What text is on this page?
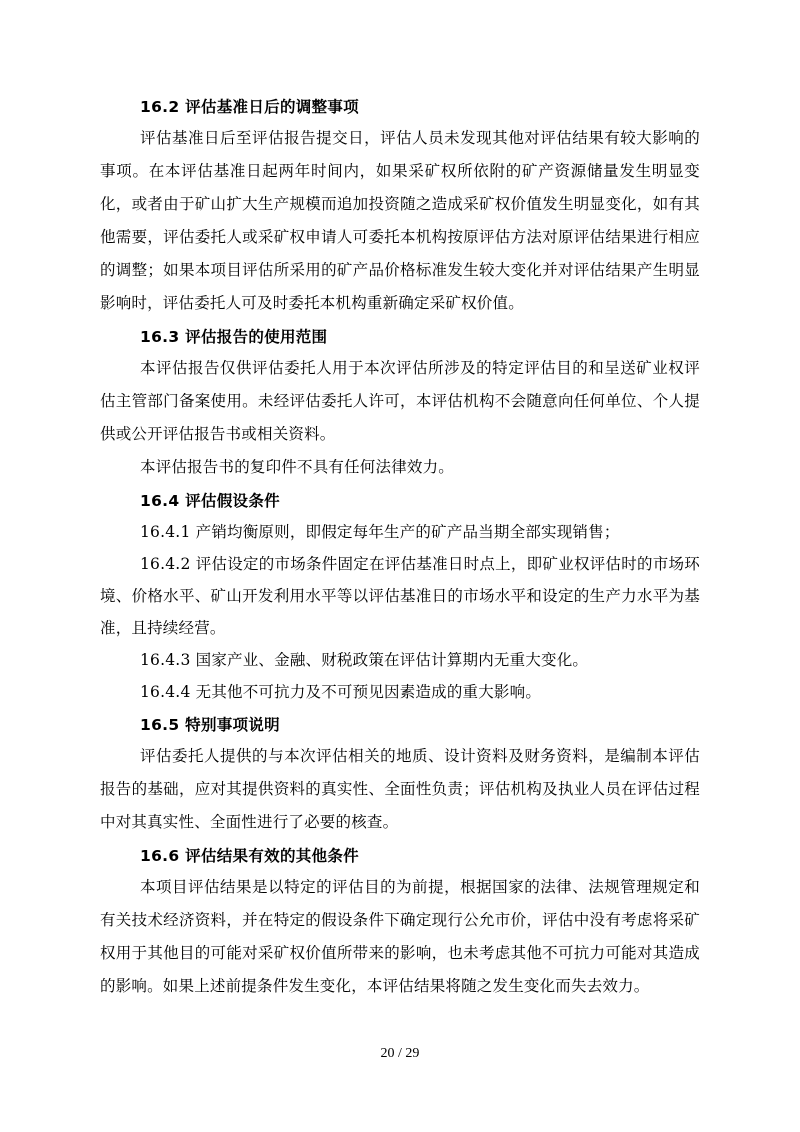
16.2 评估基准日后的调整事项

评估基准日后至评估报告提交日，评估人员未发现其他对评估结果有较大影响的事项。在本评估基准日起两年时间内，如果采矿权所依附的矿产资源储量发生明显变化，或者由于矿山扩大生产规模而追加投资随之造成采矿权价值发生明显变化，如有其他需要，评估委托人或采矿权申请人可委托本机构按原评估方法对原评估结果进行相应的调整；如果本项目评估所采用的矿产品价格标准发生较大变化并对评估结果产生明显影响时，评估委托人可及时委托本机构重新确定采矿权价值。

16.3 评估报告的使用范围

本评估报告仅供评估委托人用于本次评估所涉及的特定评估目的和呈送矿业权评估主管部门备案使用。未经评估委托人许可，本评估机构不会随意向任何单位、个人提供或公开评估报告书或相关资料。

本评估报告书的复印件不具有任何法律效力。

16.4 评估假设条件

16.4.1 产销均衡原则，即假定每年生产的矿产品当期全部实现销售；

16.4.2 评估设定的市场条件固定在评估基准日时点上，即矿业权评估时的市场环境、价格水平、矿山开发利用水平等以评估基准日的市场水平和设定的生产力水平为基准，且持续经营。

16.4.3 国家产业、金融、财税政策在评估计算期内无重大变化。

16.4.4 无其他不可抗力及不可预见因素造成的重大影响。

16.5 特别事项说明

评估委托人提供的与本次评估相关的地质、设计资料及财务资料，是编制本评估报告的基础，应对其提供资料的真实性、全面性负责；评估机构及执业人员在评估过程中对其真实性、全面性进行了必要的核查。

16.6 评估结果有效的其他条件

本项目评估结果是以特定的评估目的为前提，根据国家的法律、法规管理规定和有关技术经济资料，并在特定的假设条件下确定现行公允市价，评估中没有考虑将采矿权用于其他目的可能对采矿权价值所带来的影响，也未考虑其他不可抗力可能对其造成的影响。如果上述前提条件发生变化，本评估结果将随之发生变化而失去效力。

20 / 29
